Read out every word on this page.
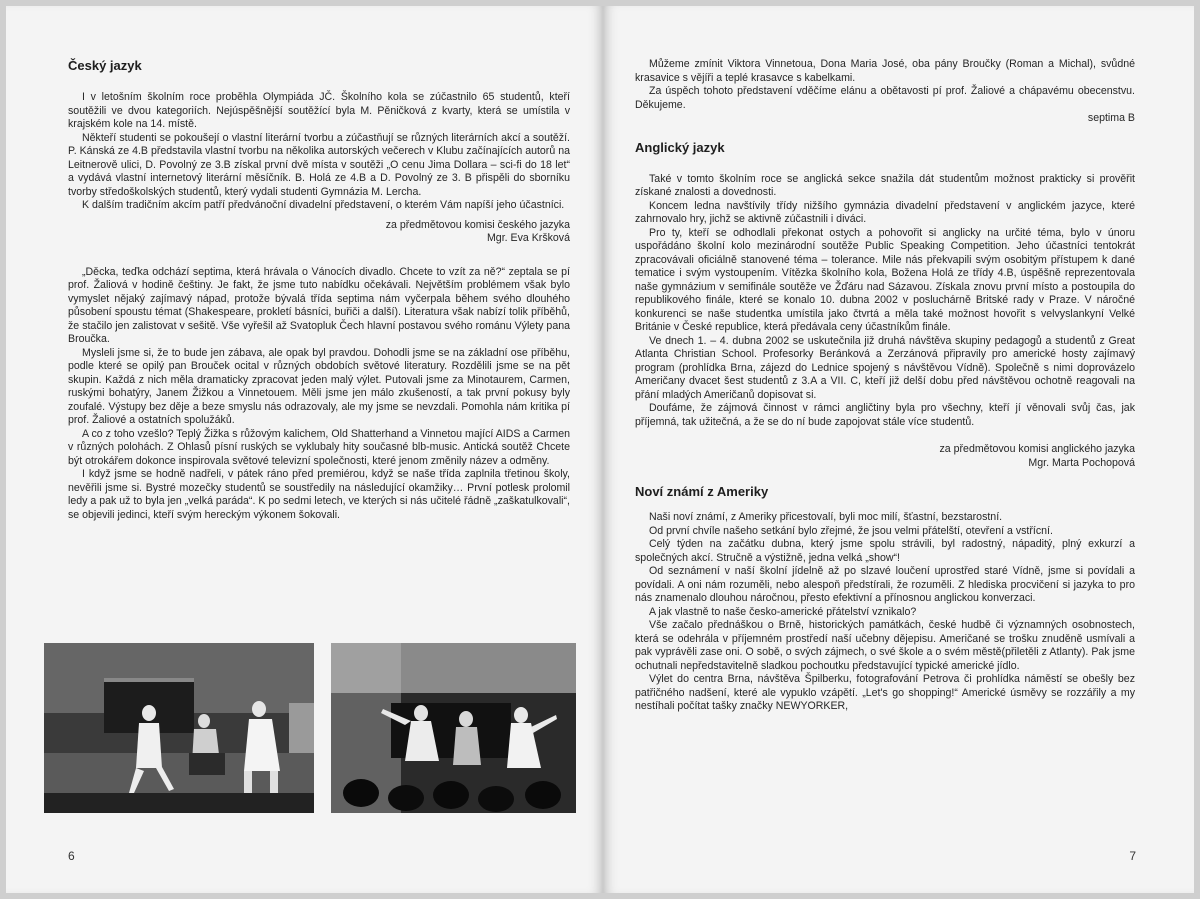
Český jazyk

I v letošním školním roce proběhla Olympiáda JČ. Školního kola se zúčastnilo 65 studentů, kteří soutěžili ve dvou kategoriích. Nejúspěšnější soutěžící byla M. Pěničková z kvarty, která se umístila v krajském kole na 14. místě.

Někteří studenti se pokoušejí o vlastní literární tvorbu a zúčastňují se různých literárních akcí a soutěží. P. Kánská ze 4.B představila vlastní tvorbu na několika autorských večerech v Klubu začínajících autorů na Leitnerově ulici, D. Povolný ze 3.B získal první dvě místa v soutěži „O cenu Jima Dollara – sci-fi do 18 let“ a vydává vlastní internetový literární měsíčník. B. Holá ze 4.B a D. Povolný ze 3. B přispěli do sborníku tvorby středoškolských studentů, který vydali studenti Gymnázia M. Lercha.

K dalším tradičním akcím patří předvánoční divadelní představení, o kterém Vám napíší jeho účastníci.

za předmětovou komisi českého jazyka

Mgr. Eva Kršková

„Děcka, teďka odchází septima, která hrávala o Vánocích divadlo. Chcete to vzít za ně?“ zeptala se pí prof. Žaliová v hodině češtiny. Je fakt, že jsme tuto nabídku očekávali. Největším problémem však bylo vymyslet nějaký zajímavý nápad, protože bývalá třída septima nám vyčerpala během svého dlouhého působení spoustu témat (Shakespeare, prokletí básníci, buřiči a další). Literatura však nabízí tolik příběhů, že stačilo jen zalistovat v sešitě. Vše vyřešil až Svatopluk Čech hlavní postavou svého románu Výlety pana Broučka.

Mysleli jsme si, že to bude jen zábava, ale opak byl pravdou. Dohodli jsme se na základní osе příběhu, podle které se opilý pan Brouček ocital v různých obdobích světové literatury. Rozdělili jsme se na pět skupin. Každá z nich měla dramaticky zpracovat jeden malý výlet. Putovali jsme za Minotaurem, Carmen, ruskými bohatýry, Janem Žižkou a Vinnetouem. Měli jsme jen málo zkušeností, a tak první pokusy byly zoufalé. Výstupy bez děje a beze smyslu nás odrazovaly, ale my jsme se nevzdali. Pomohla nám kritika pí prof. Žaliové a ostatních spolužáků.

A co z toho vzešlo? Teplý Žižka s růžovým kalichem, Old Shatterhand a Vinnetou mající AIDS a Carmen v různých polohách. Z Ohlasů písní ruských se vyklubaly hity současné blb-music. Antická soutěž Chcete být otrokářem dokonce inspirovala světové televizní společnosti, které jenom změnily název a odměny.

I když jsme se hodně nadřeli, v pátek ráno před premiérou, když se naše třída zaplnila třetinou školy, nevěřili jsme si. Bystré mozečky studentů se soustředily na následující okamžiky… První potlesk prolomil ledy a pak už to byla jen „velká paráda“. K po sedmi letech, ve kterých si nás učitelé řádně „zaškatulkovali“, se objevili jedinci, kteří svým hereckým výkonem šokovali.

6

Můžeme zmínit Viktora Vinnetoua, Dona Maria José, oba pány Broučky (Roman a Michal), svůdné krasavice s vějíři a teplé krasavce s kabelkami.

Za úspěch tohoto představení vděčíme elánu a obětavosti pí prof. Žaliové a chápavému obecenstvu. Děkujeme.

septima B

Anglický jazyk

Také v tomto školním roce se anglická sekce snažila dát studentům možnost prakticky si prověřit získané znalosti a dovednosti.

Koncem ledna navštívily třídy nižšího gymnázia divadelní představení v anglickém jazyce, které zahrnovalo hry, jichž se aktivně zúčastnili i diváci.

Pro ty, kteří se odhodlali překonat ostych a pohovořit si anglicky na určité téma, bylo v únoru uspořádáno školní kolo mezinárodní soutěže Public Speaking Competition. Jeho účastníci tentokrát zpracovávali oficiálně stanovené téma – tolerance. Mile nás překvapili svým osobitým přístupem k dané tematice i svým vystoupením. Vítězka školního kola, Božena Holá ze třídy 4.B, úspěšně reprezentovala naše gymnázium v semifinále soutěže ve Žďáru nad Sázavou. Získala znovu první místo a postoupila do republikového finále, které se konalo 10. dubna 2002 v posluchárně Britské rady v Praze. V náročné konkurenci se naše studentka umístila jako čtvrtá a měla také možnost hovořit s velvyslankyní Velké Británie v České republice, která předávala ceny účastníkům finále.

Ve dnech 1. – 4. dubna 2002 se uskutečnila již druhá návštěva skupiny pedagogů a studentů z Great Atlanta Christian School. Profesorky Beránková a Zerzánová připravily pro americké hosty zajímavý program (prohlídka Brna, zájezd do Lednice spojený s návštěvou Vídně). Společně s nimi doprovázelo Američany dvacet šest studentů z 3.A a VII. C, kteří již delší dobu před návštěvou ochotně reagovali na přání mladých Američanů dopisovat si.

Doufáme, že zájmová činnost v rámci angličtiny byla pro všechny, kteří jí věnovali svůj čas, jak příjemná, tak užitečná, a že se do ní bude zapojovat stále více studentů.

za předmětovou komisi anglického jazyka

Mgr. Marta Pochopová

Noví známí z Ameriky

Naši noví známí, z Ameriky přicestovalí, byli moc milí, šťastní, bezstarostní.

Od první chvíle našeho setkání bylo zřejmé, že jsou velmi přátelští, otevření a vstřícní.

Celý týden na začátku dubna, který jsme spolu strávili, byl radostný, nápaditý, plný exkurzí a společných akcí. Stručně a výstižně, jedna velká „show“!

Od seznámení v naší školní jídelně až po slzavé loučení uprostřed staré Vídně, jsme si povídali a povídali. A oni nám rozuměli, nebo alespoň předstírali, že rozuměli. Z hlediska procvičení si jazyka to pro nás znamenalo dlouhou náročnou, přesto efektivní a přínosnou anglickou konverzaci.

A jak vlastně to naše česko-americké přátelství vznikalo?

Vše začalo přednáškou o Brně, historických památkách, české hudbě či významných osobnostech, která se odehrála v příjemném prostředí naší učebny dějepisu. Američané se trošku znuděně usmívali a pak vyprávěli zase oni. O sobě, o svých zájmech, o své škole a o svém městě(přiletěli z Atlanty). Pak jsme ochutnali nepředstavitelně sladkou pochoutku představující typické americké jídlo.

Výlet do centra Brna, návštěva Špilberku, fotografování Petrova či prohlídka náměstí se obešly bez patřičného nadšení, které ale vypuklo vzápětí. „Let's go shopping!“ Americké úsměvy se rozzářily a my nestíhali počítat tašky značky NEWYORKER,

7
